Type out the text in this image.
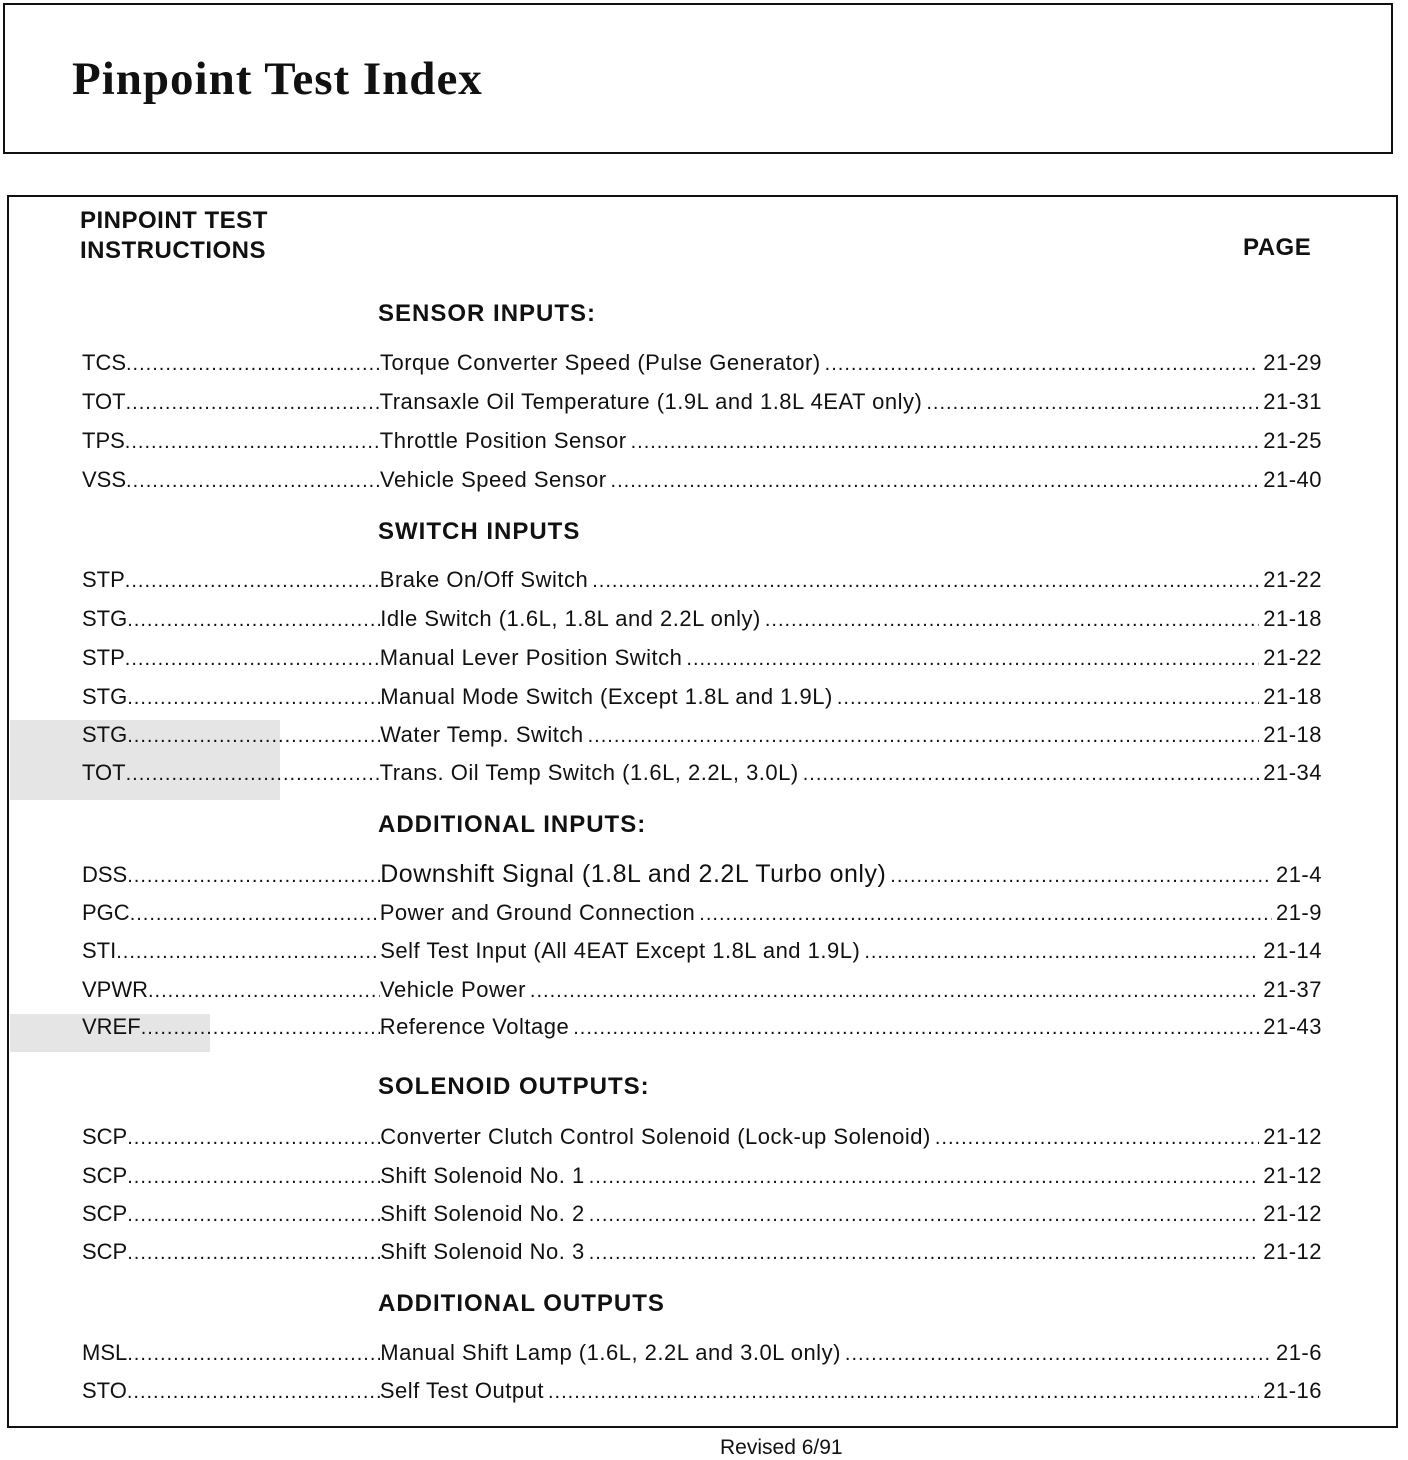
Pinpoint Test Index
PINPOINT TEST
INSTRUCTIONS	PAGE
SENSOR INPUTS:
TCS .....	Torque Converter Speed (Pulse Generator) .....	21-29
TOT .....	Transaxle Oil Temperature (1.9L and 1.8L 4EAT only) .....	21-31
TPS .....	Throttle Position Sensor .....	21-25
VSS .....	Vehicle Speed Sensor .....	21-40
SWITCH INPUTS
STP .....	Brake On/Off Switch .....	21-22
STG .....	Idle Switch (1.6L, 1.8L and 2.2L only) .....	21-18
STP .....	Manual Lever Position Switch .....	21-22
STG .....	Manual Mode Switch (Except 1.8L and 1.9L) .....	21-18
STG .....	Water Temp. Switch .....	21-18
TOT .....	Trans. Oil Temp Switch (1.6L, 2.2L, 3.0L) .....	21-34
ADDITIONAL INPUTS:
DSS .....	Downshift Signal (1.8L and 2.2L Turbo only) .....	21-4
PGC .....	Power and Ground Connection .....	21-9
STI .....	Self Test Input (All 4EAT Except 1.8L and 1.9L) .....	21-14
VPWR .....	Vehicle Power .....	21-37
VREF .....	Reference Voltage .....	21-43
SOLENOID OUTPUTS:
SCP .....	Converter Clutch Control Solenoid (Lock-up Solenoid) .....	21-12
SCP .....	Shift Solenoid No. 1 .....	21-12
SCP .....	Shift Solenoid No. 2 .....	21-12
SCP .....	Shift Solenoid No. 3 .....	21-12
ADDITIONAL OUTPUTS
MSL .....	Manual Shift Lamp (1.6L, 2.2L and 3.0L only) .....	21-6
STO .....	Self Test Output .....	21-16
Revised 6/91
